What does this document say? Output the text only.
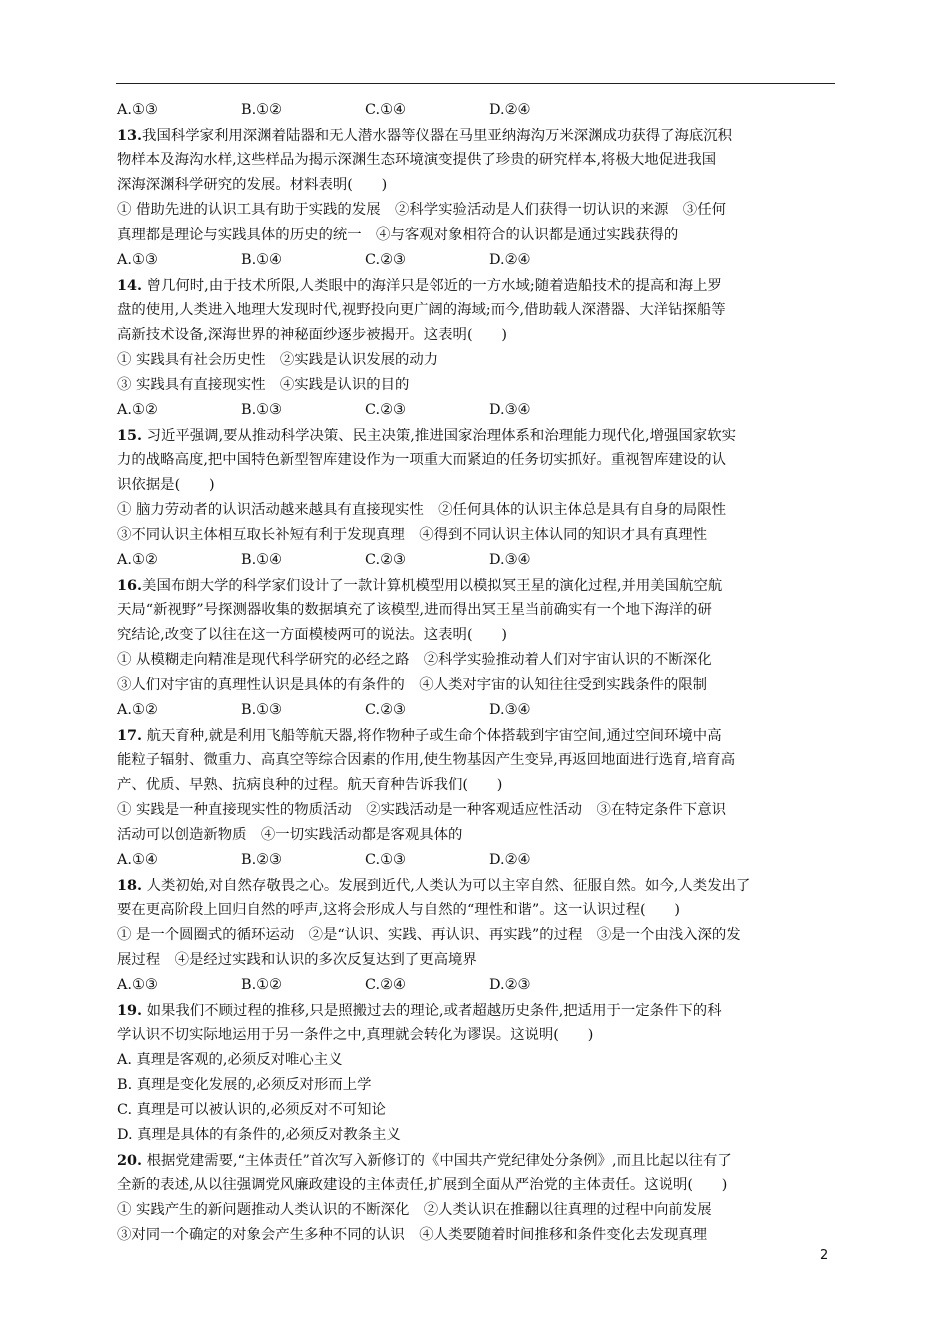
A.①③	B.①②	C.①④	D.②④
13.我国科学家利用深渊着陆器和无人潜水器等仪器在马里亚纳海沟万米深渊成功获得了海底沉积
物样本及海沟水样,这些样品为揭示深渊生态环境演变提供了珍贵的研究样本,将极大地促进我国
深海深渊科学研究的发展。材料表明(　　)
① 借助先进的认识工具有助于实践的发展　②科学实验活动是人们获得一切认识的来源　③任何
真理都是理论与实践具体的历史的统一　④与客观对象相符合的认识都是通过实践获得的
A.①③	B.①④	C.②③	D.②④
14. 曾几何时,由于技术所限,人类眼中的海洋只是邻近的一方水域;随着造船技术的提高和海上罗
盘的使用,人类进入地理大发现时代,视野投向更广阔的海域;而今,借助载人深潜器、大洋钻探船等
高新技术设备,深海世界的神秘面纱逐步被揭开。这表明(　　)
① 实践具有社会历史性　②实践是认识发展的动力
③ 实践具有直接现实性　④实践是认识的目的
A.①②	B.①③	C.②③	D.③④
15. 习近平强调,要从推动科学决策、民主决策,推进国家治理体系和治理能力现代化,增强国家软实
力的战略高度,把中国特色新型智库建设作为一项重大而紧迫的任务切实抓好。重视智库建设的认
识依据是(　　)
① 脑力劳动者的认识活动越来越具有直接现实性　②任何具体的认识主体总是具有自身的局限性
③不同认识主体相互取长补短有利于发现真理　④得到不同认识主体认同的知识才具有真理性
A.①②	B.①④	C.②③	D.③④
16.美国布朗大学的科学家们设计了一款计算机模型用以模拟冥王星的演化过程,并用美国航空航
天局“新视野”号探测器收集的数据填充了该模型,进而得出冥王星当前确实有一个地下海洋的研
究结论,改变了以往在这一方面模棱两可的说法。这表明(　　)
① 从模糊走向精准是现代科学研究的必经之路　②科学实验推动着人们对宇宙认识的不断深化
③人们对宇宙的真理性认识是具体的有条件的　④人类对宇宙的认知往往受到实践条件的限制
A.①②	B.①③	C.②③	D.③④
17. 航天育种,就是利用飞船等航天器,将作物种子或生命个体搭载到宇宙空间,通过空间环境中高
能粒子辐射、微重力、高真空等综合因素的作用,使生物基因产生变异,再返回地面进行选育,培育高
产、优质、早熟、抗病良种的过程。航天育种告诉我们(　　)
① 实践是一种直接现实性的物质活动　②实践活动是一种客观适应性活动　③在特定条件下意识
活动可以创造新物质　④一切实践活动都是客观具体的
A.①④	B.②③	C.①③	D.②④
18. 人类初始,对自然存敬畏之心。发展到近代,人类认为可以主宰自然、征服自然。如今,人类发出了
要在更高阶段上回归自然的呼声,这将会形成人与自然的“理性和谐”。这一认识过程(　　)
① 是一个圆圈式的循环运动　②是“认识、实践、再认识、再实践”的过程　③是一个由浅入深的发
展过程　④是经过实践和认识的多次反复达到了更高境界
A.①③	B.①②	C.②④	D.②③
19. 如果我们不顾过程的推移,只是照搬过去的理论,或者超越历史条件,把适用于一定条件下的科
学认识不切实际地运用于另一条件之中,真理就会转化为谬误。这说明(　　)
A. 真理是客观的,必须反对唯心主义
B. 真理是变化发展的,必须反对形而上学
C. 真理是可以被认识的,必须反对不可知论
D. 真理是具体的有条件的,必须反对教条主义
20. 根据党建需要,“主体责任”首次写入新修订的《中国共产党纪律处分条例》,而且比起以往有了
全新的表述,从以往强调党风廉政建设的主体责任,扩展到全面从严治党的主体责任。这说明(　　)
① 实践产生的新问题推动人类认识的不断深化　②人类认识在推翻以往真理的过程中向前发展
③对同一个确定的对象会产生多种不同的认识　④人类要随着时间推移和条件变化去发现真理
2
